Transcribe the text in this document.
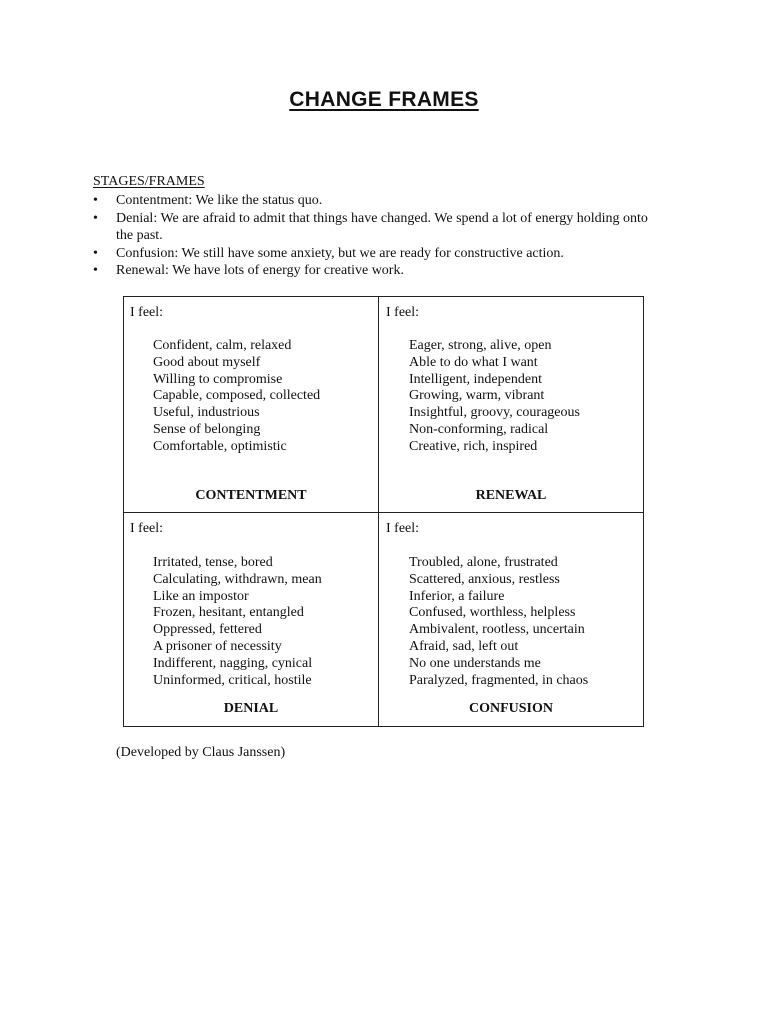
CHANGE FRAMES
STAGES/FRAMES
• Contentment: We like the status quo.
• Denial: We are afraid to admit that things have changed. We spend a lot of energy holding onto the past.
• Confusion: We still have some anxiety, but we are ready for constructive action.
• Renewal: We have lots of energy for creative work.
I feel:
Confident, calm, relaxed
Good about myself
Willing to compromise
Capable, composed, collected
Useful, industrious
Sense of belonging
Comfortable, optimistic
CONTENTMENT
I feel:
Eager, strong, alive, open
Able to do what I want
Intelligent, independent
Growing, warm, vibrant
Insightful, groovy, courageous
Non-conforming, radical
Creative, rich, inspired
RENEWAL
I feel:
Irritated, tense, bored
Calculating, withdrawn, mean
Like an impostor
Frozen, hesitant, entangled
Oppressed, fettered
A prisoner of necessity
Indifferent, nagging, cynical
Uninformed, critical, hostile
DENIAL
I feel:
Troubled, alone, frustrated
Scattered, anxious, restless
Inferior, a failure
Confused, worthless, helpless
Ambivalent, rootless, uncertain
Afraid, sad, left out
No one understands me
Paralyzed, fragmented, in chaos
CONFUSION
(Developed by Claus Janssen)
